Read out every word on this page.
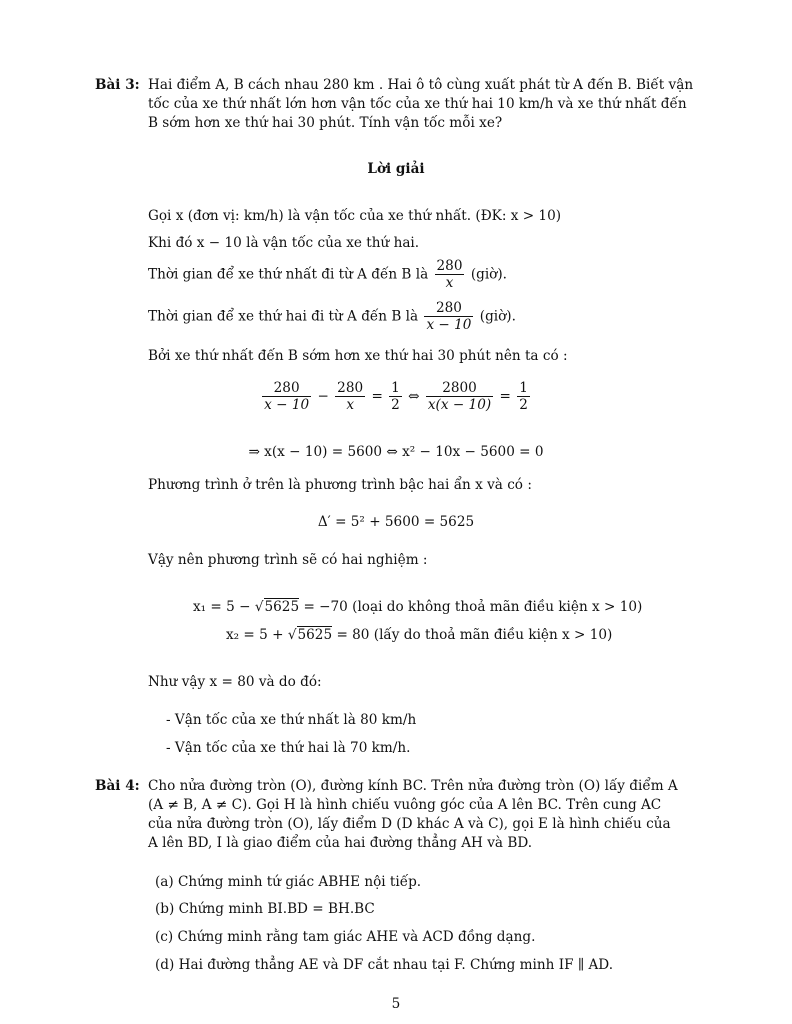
Bài 3: Hai điểm A, B cách nhau 280 km . Hai ô tô cùng xuất phát từ A đến B. Biết vận
tốc của xe thứ nhất lớn hơn vận tốc của xe thứ hai 10 km/h và xe thứ nhất đến
B sớm hơn xe thứ hai 30 phút. Tính vận tốc mỗi xe?
Lời giải
Gọi x (đơn vị: km/h) là vận tốc của xe thứ nhất. (ĐK: x > 10)
Khi đó x − 10 là vận tốc của xe thứ hai.
Thời gian để xe thứ nhất đi từ A đến B là $\frac{280}{x}$ (giờ).
Thời gian để xe thứ hai đi từ A đến B là $\frac{280}{x - 10}$ (giờ).
Bởi xe thứ nhất đến B sớm hơn xe thứ hai 30 phút nên ta có :
$\frac{280}{x - 10} - \frac{280}{x} = \frac{1}{2}$ ⇔ $\frac{2800}{x(x - 10)} = \frac{1}{2}$
⇒ x(x − 10) = 5600 ⇔ x² − 10x − 5600 = 0
Phương trình ở trên là phương trình bậc hai ẩn x và có :
Δ′ = 5² + 5600 = 5625
Vậy nên phương trình sẽ có hai nghiệm :
x₁ = 5 − √5625 = −70 (loại do không thoả mãn điều kiện x > 10)
x₂ = 5 + √5625 = 80 (lấy do thoả mãn điều kiện x > 10)
Như vậy x = 80 và do đó:
- Vận tốc của xe thứ nhất là 80 km/h
- Vận tốc của xe thứ hai là 70 km/h.
Bài 4: Cho nửa đường tròn (O), đường kính BC. Trên nửa đường tròn (O) lấy điểm A
(A ≠ B, A ≠ C). Gọi H là hình chiếu vuông góc của A lên BC. Trên cung AC
của nửa đường tròn (O), lấy điểm D (D khác A và C), gọi E là hình chiếu của
A lên BD, I là giao điểm của hai đường thẳng AH và BD.
(a) Chứng minh tứ giác ABHE nội tiếp.
(b) Chứng minh BI.BD = BH.BC
(c) Chứng minh rằng tam giác AHE và ACD đồng dạng.
(d) Hai đường thẳng AE và DF cắt nhau tại F. Chứng minh IF ∥ AD.
5
